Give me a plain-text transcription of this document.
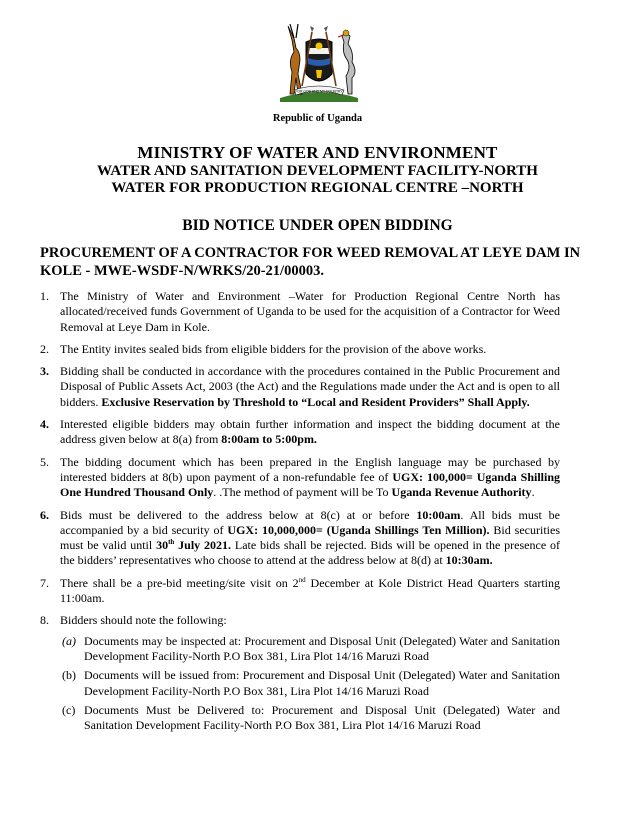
FOR GOD AND MY COUNTRY
Republic of Uganda
MINISTRY OF WATER AND ENVIRONMENT
WATER AND SANITATION DEVELOPMENT FACILITY-NORTH
WATER FOR PRODUCTION REGIONAL CENTRE –NORTH
BID NOTICE UNDER OPEN BIDDING
PROCUREMENT OF A CONTRACTOR FOR WEED REMOVAL AT LEYE DAM IN KOLE - MWE-WSDF-N/WRKS/20-21/00003.
1. The Ministry of Water and Environment –Water for Production Regional Centre North has allocated/received funds Government of Uganda to be used for the acquisition of a Contractor for Weed Removal at Leye Dam in Kole.
2. The Entity invites sealed bids from eligible bidders for the provision of the above works.
3. Bidding shall be conducted in accordance with the procedures contained in the Public Procurement and Disposal of Public Assets Act, 2003 (the Act) and the Regulations made under the Act and is open to all bidders. Exclusive Reservation by Threshold to “Local and Resident Providers” Shall Apply.
4. Interested eligible bidders may obtain further information and inspect the bidding document at the address given below at 8(a) from 8:00am to 5:00pm.
5. The bidding document which has been prepared in the English language may be purchased by interested bidders at 8(b) upon payment of a non-refundable fee of UGX: 100,000= Uganda Shilling One Hundred Thousand Only. .The method of payment will be To Uganda Revenue Authority.
6. Bids must be delivered to the address below at 8(c) at or before 10:00am. All bids must be accompanied by a bid security of UGX: 10,000,000= (Uganda Shillings Ten Million). Bid securities must be valid until 30th July 2021. Late bids shall be rejected. Bids will be opened in the presence of the bidders’ representatives who choose to attend at the address below at 8(d) at 10:30am.
7. There shall be a pre-bid meeting/site visit on 2nd December at Kole District Head Quarters starting 11:00am.
8. Bidders should note the following:
(a) Documents may be inspected at: Procurement and Disposal Unit (Delegated) Water and Sanitation Development Facility-North P.O Box 381, Lira Plot 14/16 Maruzi Road
(b) Documents will be issued from: Procurement and Disposal Unit (Delegated) Water and Sanitation Development Facility-North P.O Box 381, Lira Plot 14/16 Maruzi Road
(c) Documents Must be Delivered to: Procurement and Disposal Unit (Delegated) Water and Sanitation Development Facility-North P.O Box 381, Lira Plot 14/16 Maruzi Road
